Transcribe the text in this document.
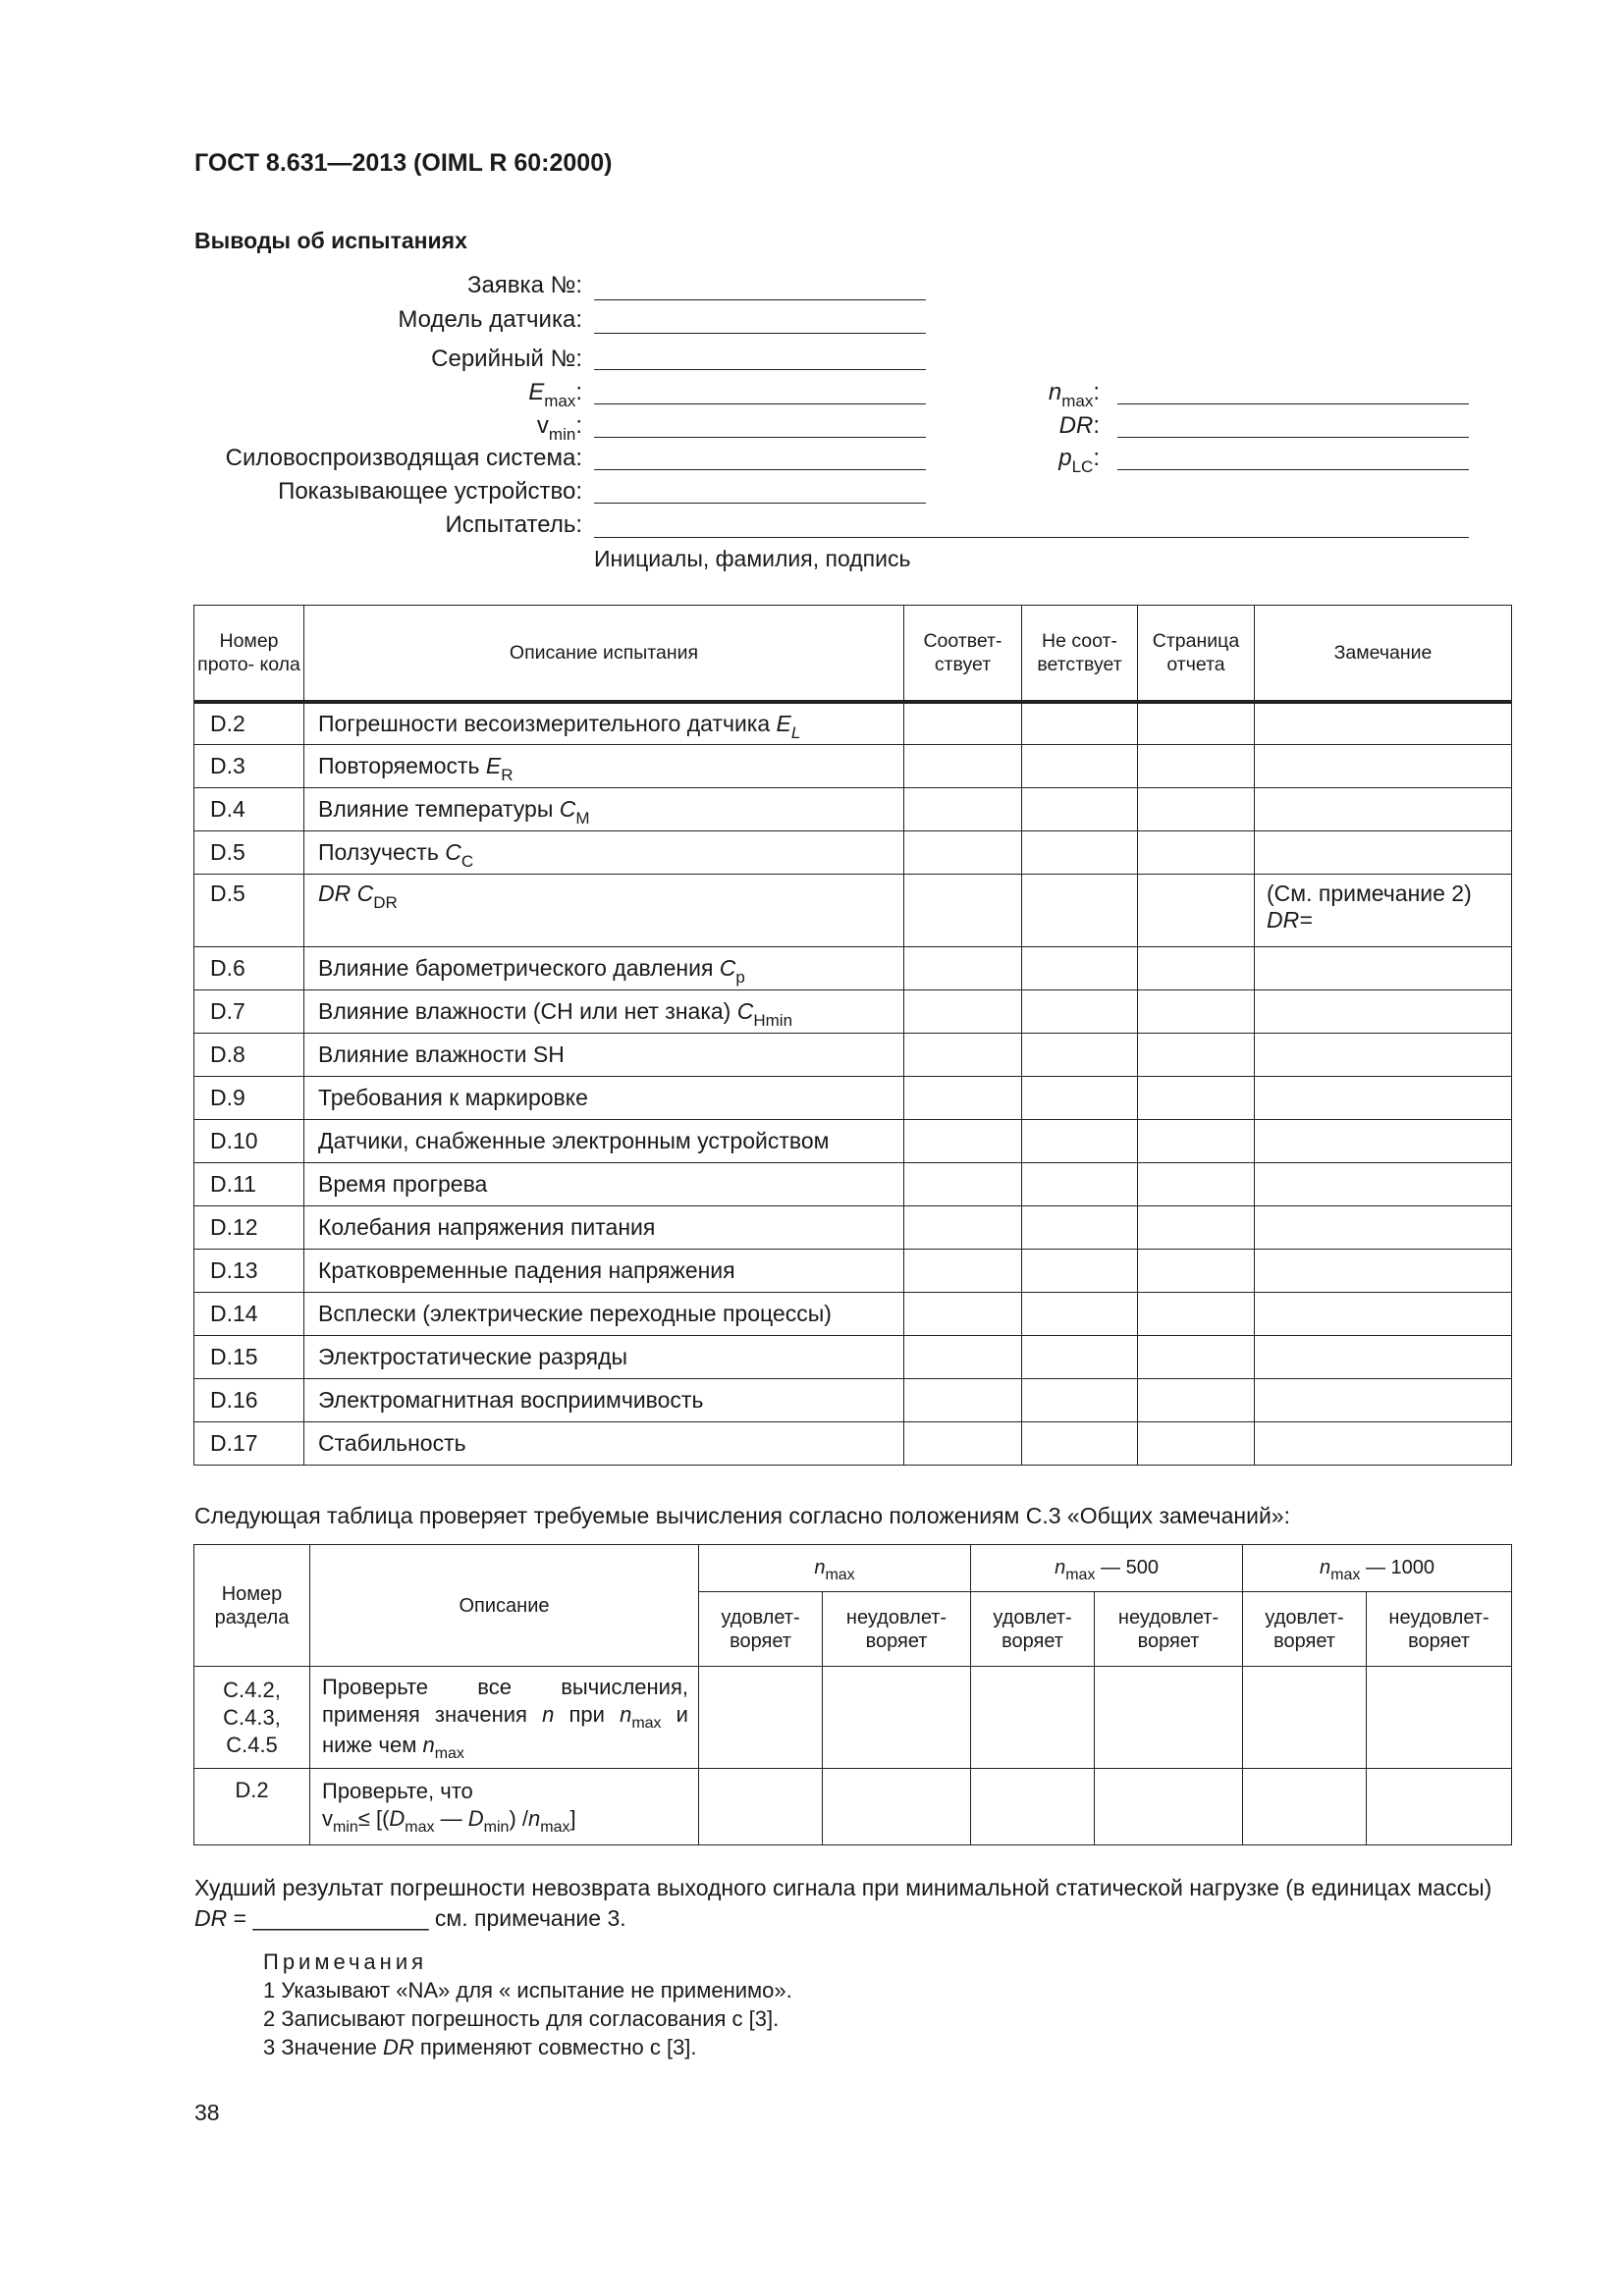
ГОСТ 8.631—2013 (OIML R 60:2000)
Выводы об испытаниях
Заявка №:
Модель датчика:
Серийный №:
$E_{max}$:
$v_{min}$:
Силовоспроизводящая система:
Показывающее устройство:
Испытатель:
$n_{max}$:
DR:
$p_{LC}$:
Инициалы, фамилия, подпись
Номер прото- кола	Описание испытания	Соответ- ствует	Не соот- ветствует	Страница отчета	Замечание
D.2	Погрешности весоизмерительного датчика $E_L$				
D.3	Повторяемость $E_R$				
D.4	Влияние температуры $C_M$				
D.5	Ползучесть $C_C$				
D.5	DR $C_{DR}$				(См. примечание 2)
DR=
D.6	Влияние барометрического давления $C_p$				
D.7	Влияние влажности (СН или нет знака) $C_{Hmin}$				
D.8	Влияние влажности SH				
D.9	Требования к маркировке				
D.10	Датчики, снабженные электронным устройством				
D.11	Время прогрева				
D.12	Колебания напряжения питания				
D.13	Кратковременные падения напряжения				
D.14	Всплески (электрические переходные процессы)				
D.15	Электростатические разряды				
D.16	Электромагнитная восприимчивость				
D.17	Стабильность				
Следующая таблица проверяет требуемые вычисления согласно положениям С.3 «Общих замечаний»:
Номер раздела	Описание	$n_{max}$		$n_{max}$ — 500		$n_{max}$ — 1000	
		удовлет- воряет	неудовлет- воряет	удовлет- воряет	неудовлет- воряет	удовлет- воряет	неудовлет- воряет
С.4.2, С.4.3, С.4.5	Проверьте все вычисления, применяя значения n при $n_{max}$ и ниже чем $n_{max}$						
D.2	Проверьте, что
$v_{min}\le [(D_{max}$ — $D_{min}$) $/n_{max}$]						
Худший результат погрешности невозврата выходного сигнала при минимальной статической нагрузке (в единицах массы) DR = ______________ см. примечание 3.
Примечания
1 Указывают «NA» для « испытание не применимо».
2 Записывают погрешность для согласования с [3].
3 Значение DR применяют совместно с [3].
38
